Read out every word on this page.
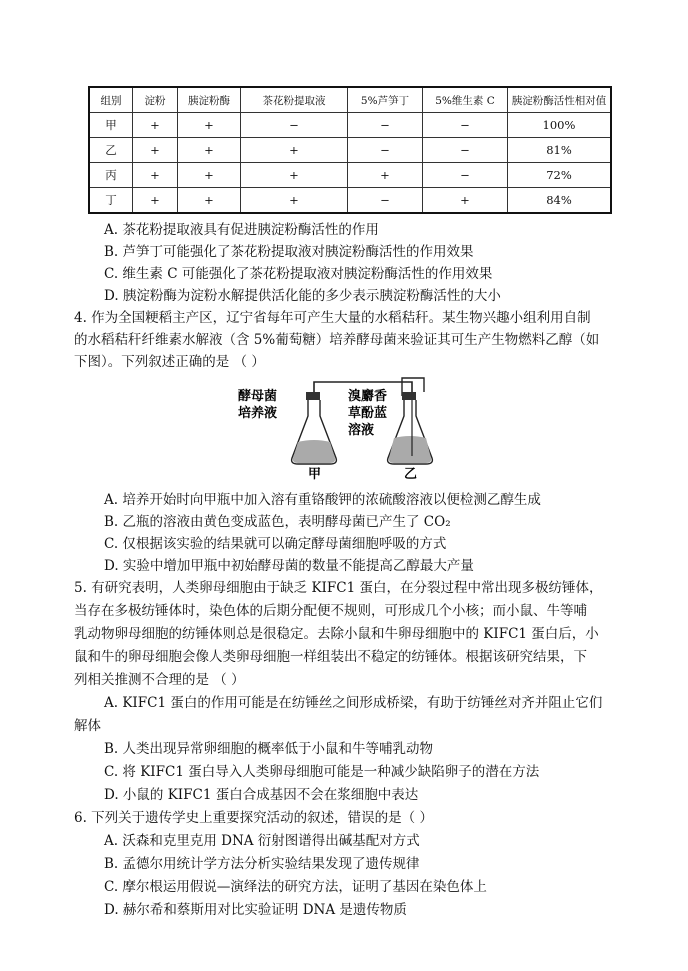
组别	淀粉	胰淀粉酶	茶花粉提取液	5%芦笋丁	5%维生素 C	胰淀粉酶活性相对值
甲	+	+	−	−	−	100%
乙	+	+	+	−	−	81%
丙	+	+	+	+	−	72%
丁	+	+	+	−	+	84%
A. 茶花粉提取液具有促进胰淀粉酶活性的作用
B. 芦笋丁可能强化了茶花粉提取液对胰淀粉酶活性的作用效果
C. 维生素 C 可能强化了茶花粉提取液对胰淀粉酶活性的作用效果
D. 胰淀粉酶为淀粉水解提供活化能的多少表示胰淀粉酶活性的大小
4. 作为全国粳稻主产区，辽宁省每年可产生大量的水稻秸秆。某生物兴趣小组利用自制
的水稻秸秆纤维素水解液（含 5%葡萄糖）培养酵母菌来验证其可生产生物燃料乙醇（如
下图）。下列叙述正确的是 （ ）
酵母菌
培养液
溴麝香
草酚蓝
溶液
甲	乙
A. 培养开始时向甲瓶中加入溶有重铬酸钾的浓硫酸溶液以便检测乙醇生成
B. 乙瓶的溶液由黄色变成蓝色，表明酵母菌已产生了 CO₂
C. 仅根据该实验的结果就可以确定酵母菌细胞呼吸的方式
D. 实验中增加甲瓶中初始酵母菌的数量不能提高乙醇最大产量
5. 有研究表明，人类卵母细胞由于缺乏 KIFC1 蛋白，在分裂过程中常出现多极纺锤体，
当存在多极纺锤体时，染色体的后期分配便不规则，可形成几个小核；而小鼠、牛等哺
乳动物卵母细胞的纺锤体则总是很稳定。去除小鼠和牛卵母细胞中的 KIFC1 蛋白后，小
鼠和牛的卵母细胞会像人类卵母细胞一样组装出不稳定的纺锤体。根据该研究结果，下
列相关推测不合理的是 （ ）
A. KIFC1 蛋白的作用可能是在纺锤丝之间形成桥梁，有助于纺锤丝对齐并阻止它们
解体
B. 人类出现异常卵细胞的概率低于小鼠和牛等哺乳动物
C. 将 KIFC1 蛋白导入人类卵母细胞可能是一种减少缺陷卵子的潜在方法
D. 小鼠的 KIFC1 蛋白合成基因不会在浆细胞中表达
6. 下列关于遗传学史上重要探究活动的叙述，错误的是（ ）
A. 沃森和克里克用 DNA 衍射图谱得出碱基配对方式
B. 孟德尔用统计学方法分析实验结果发现了遗传规律
C. 摩尔根运用假说—演绎法的研究方法，证明了基因在染色体上
D. 赫尔希和蔡斯用对比实验证明 DNA 是遗传物质
